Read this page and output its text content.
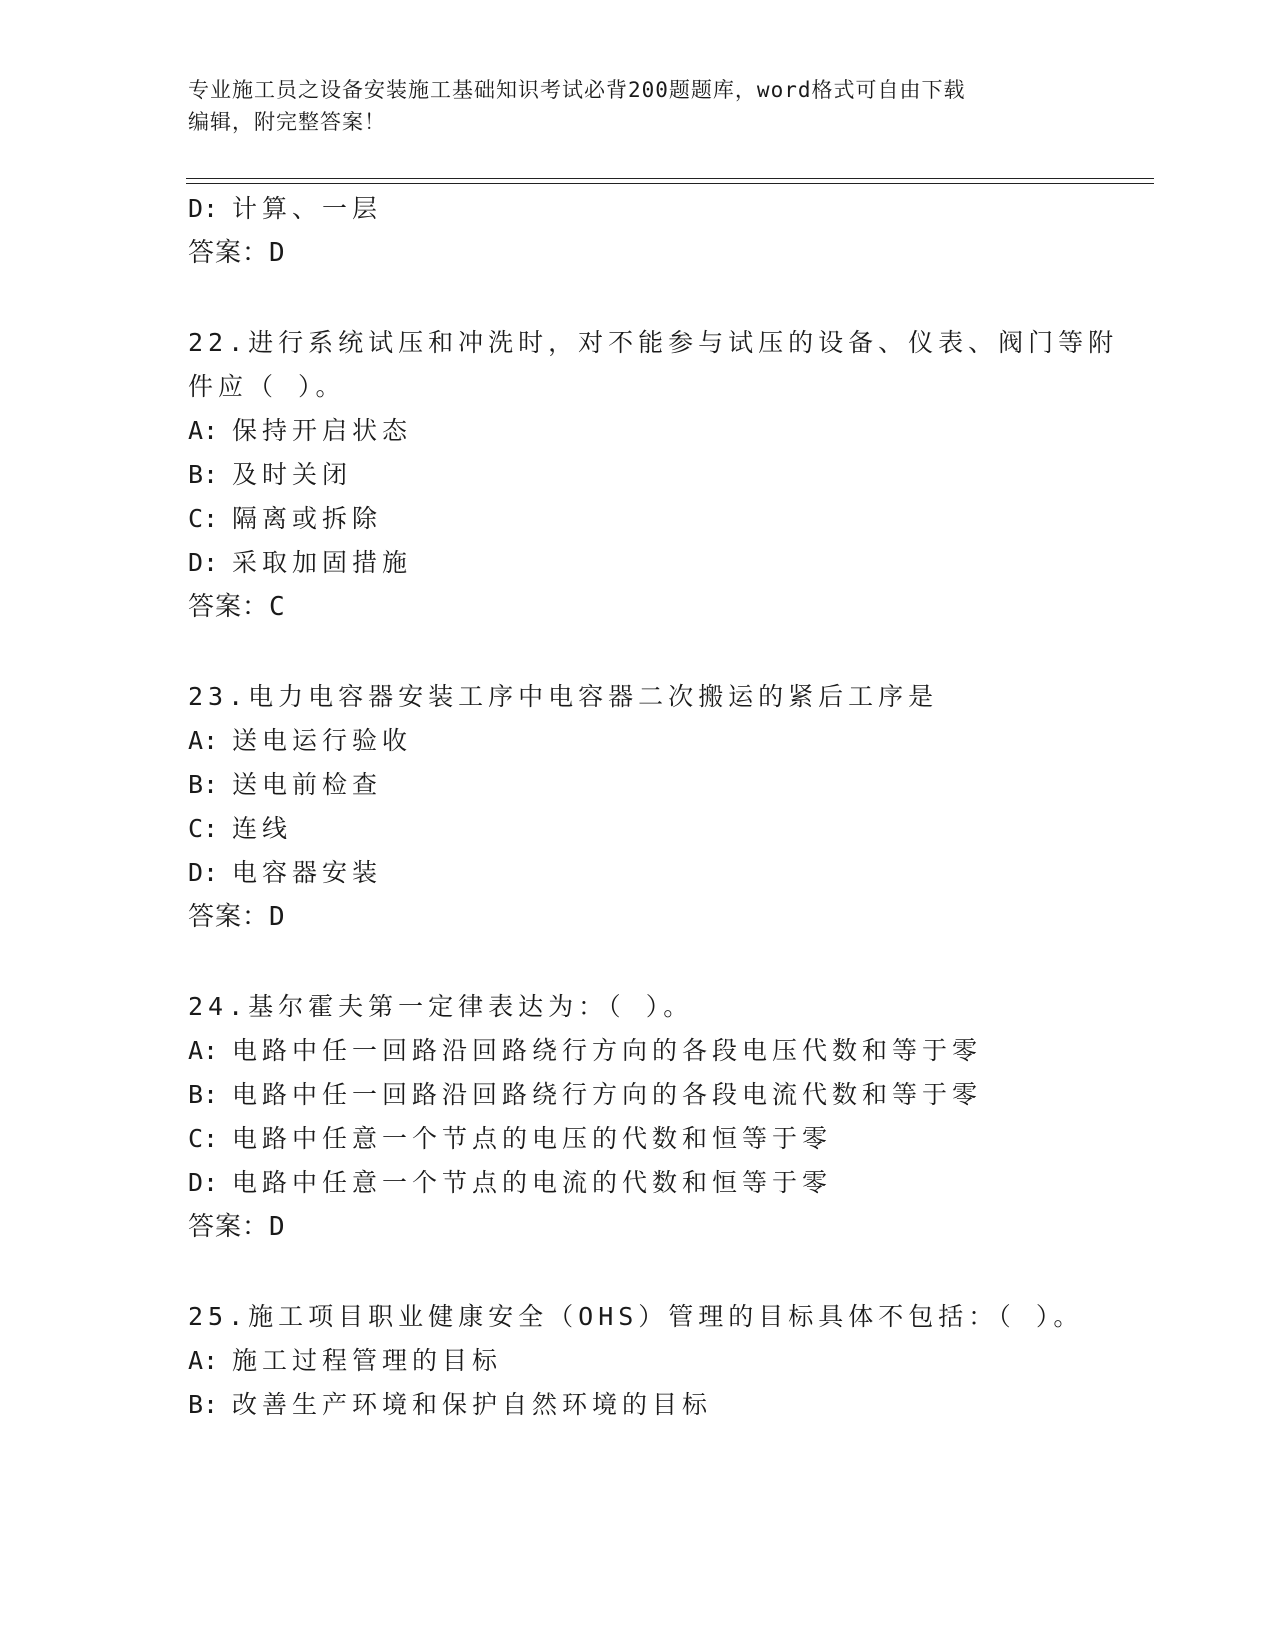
专业施工员之设备安装施工基础知识考试必背200题题库，word格式可自由下载
编辑，附完整答案！
D: 计算、一层
答案：D
22.进行系统试压和冲洗时，对不能参与试压的设备、仪表、阀门等附
件应（ ）。
A: 保持开启状态
B: 及时关闭
C: 隔离或拆除
D: 采取加固措施
答案：C
23.电力电容器安装工序中电容器二次搬运的紧后工序是
A: 送电运行验收
B: 送电前检查
C: 连线
D: 电容器安装
答案：D
24.基尔霍夫第一定律表达为：（ ）。
A: 电路中任一回路沿回路绕行方向的各段电压代数和等于零
B: 电路中任一回路沿回路绕行方向的各段电流代数和等于零
C: 电路中任意一个节点的电压的代数和恒等于零
D: 电路中任意一个节点的电流的代数和恒等于零
答案：D
25.施工项目职业健康安全（OHS）管理的目标具体不包括：（ ）。
A: 施工过程管理的目标
B: 改善生产环境和保护自然环境的目标
